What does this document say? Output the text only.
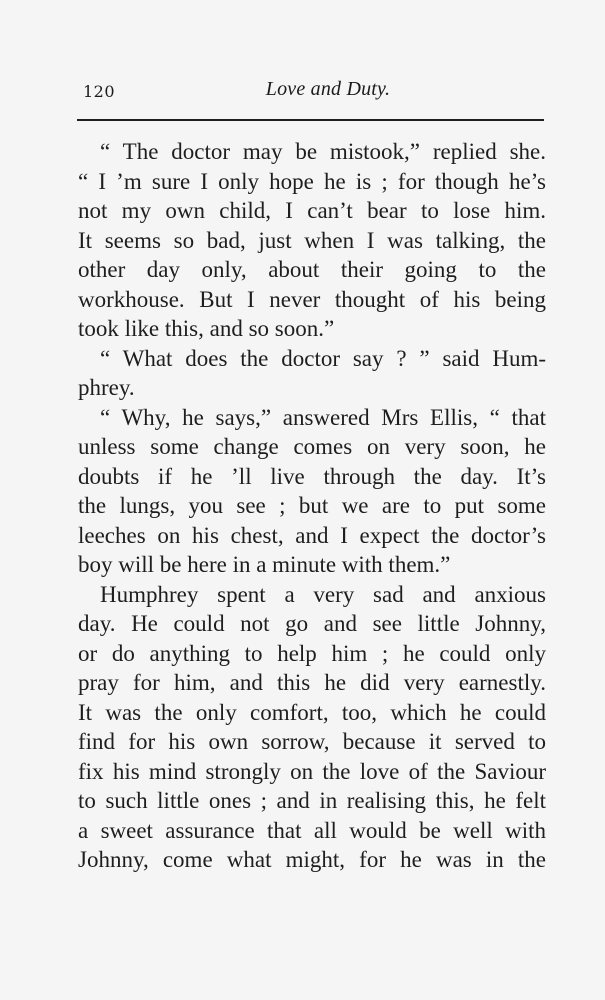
120	Love and Duty.
“ The doctor may be mistook,” replied she.
“ I ’m sure I only hope he is ; for though he’s
not my own child, I can’t bear to lose him.
It seems so bad, just when I was talking, the
other day only, about their going to the
workhouse. But I never thought of his being
took like this, and so soon.”
“ What does the doctor say ? ” said Hum-
phrey.
“ Why, he says,” answered Mrs Ellis, “ that
unless some change comes on very soon, he
doubts if he ’ll live through the day. It’s
the lungs, you see ; but we are to put some
leeches on his chest, and I expect the doctor’s
boy will be here in a minute with them.”
Humphrey spent a very sad and anxious
day. He could not go and see little Johnny,
or do anything to help him ; he could only
pray for him, and this he did very earnestly.
It was the only comfort, too, which he could
find for his own sorrow, because it served to
fix his mind strongly on the love of the Saviour
to such little ones ; and in realising this, he felt
a sweet assurance that all would be well with
Johnny, come what might, for he was in the
